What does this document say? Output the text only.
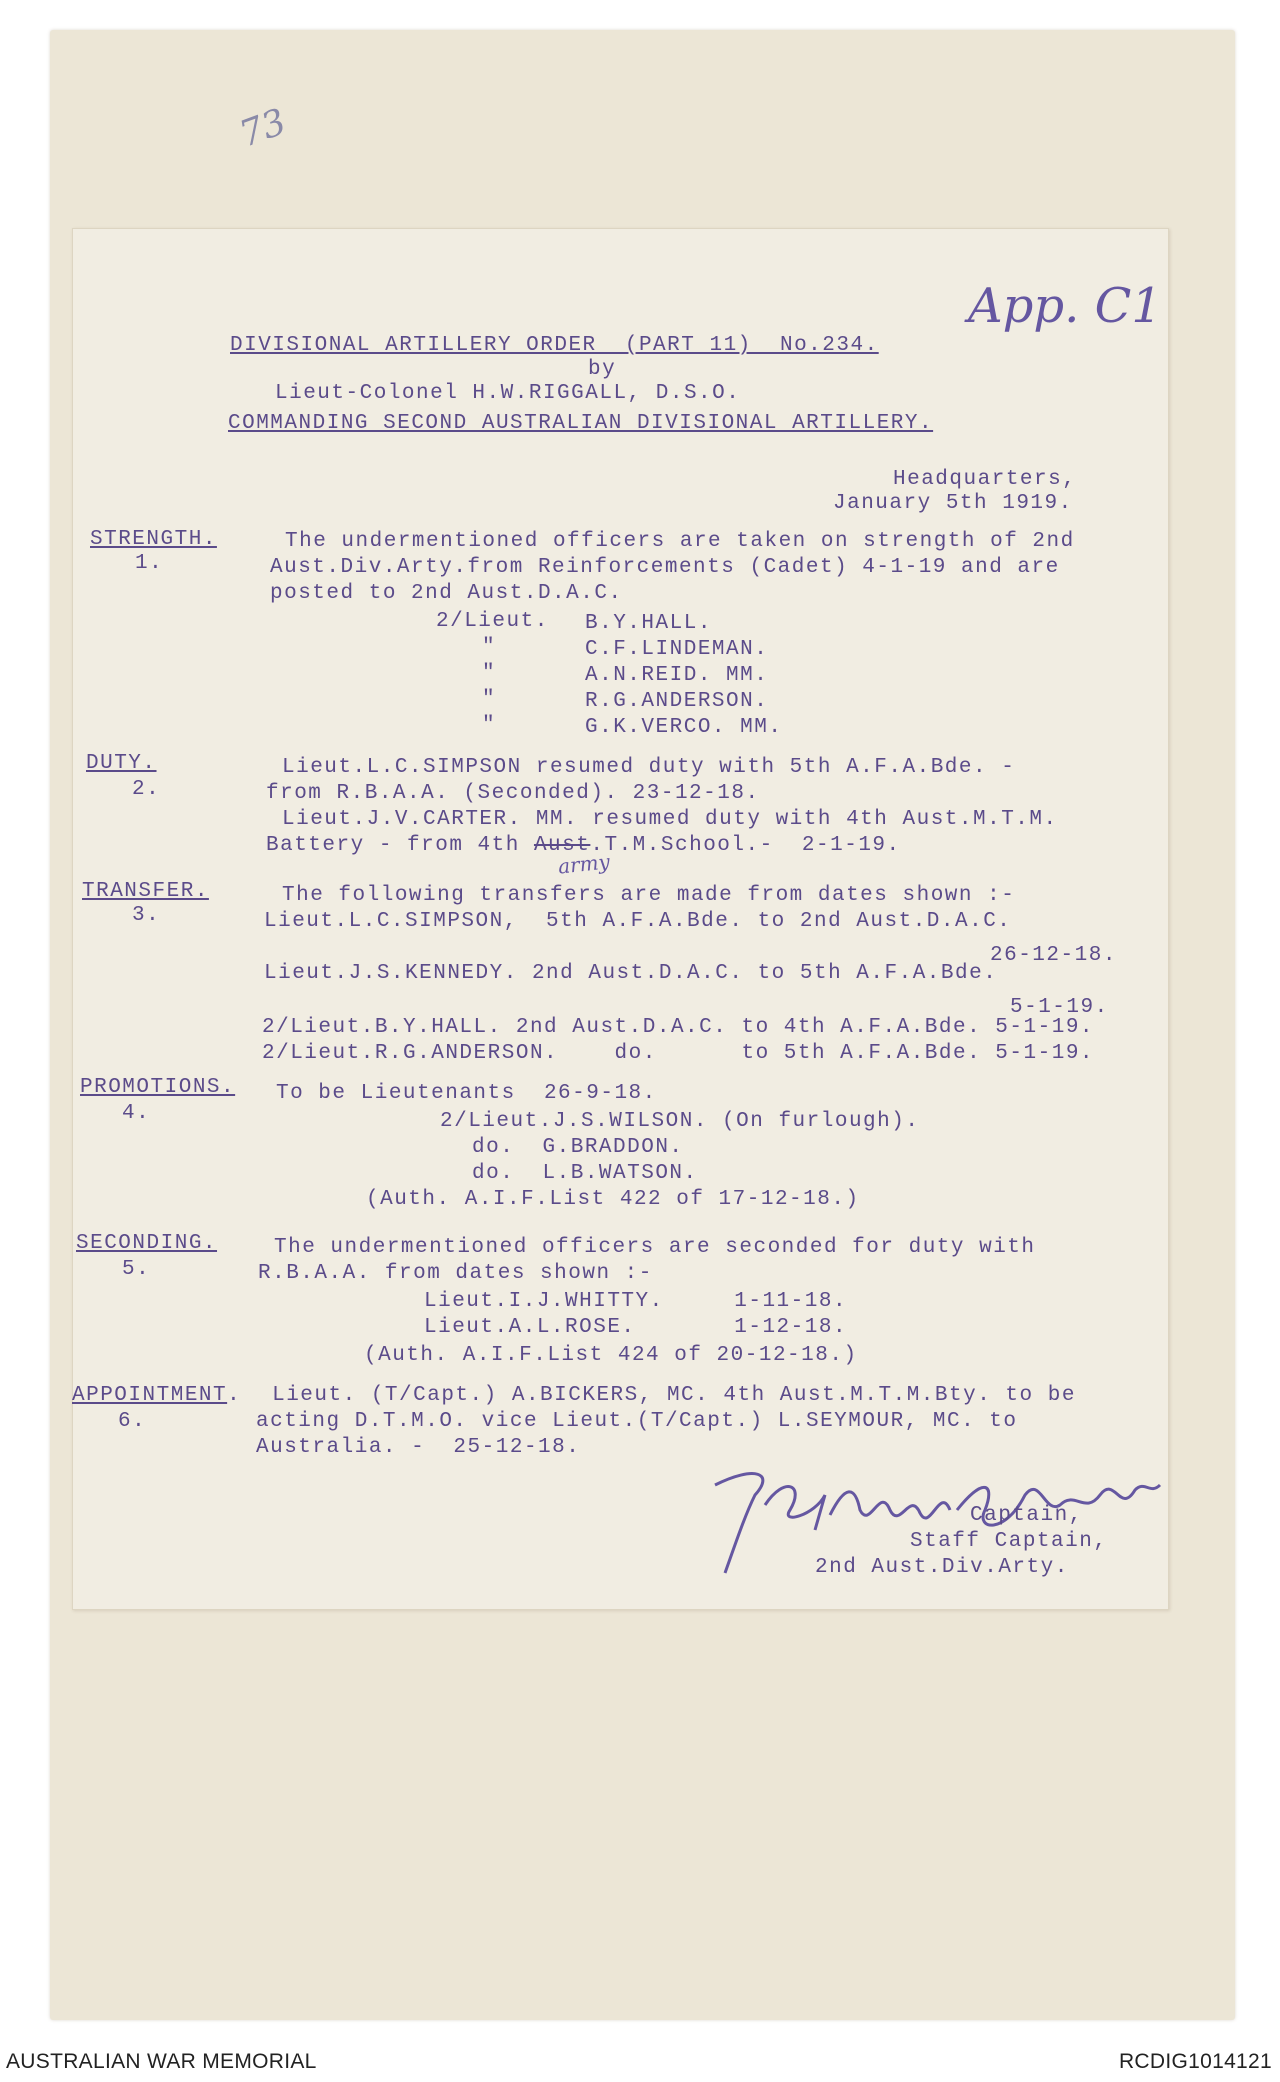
73
App. C1
DIVISIONAL ARTILLERY ORDER  (PART 11)  No.234.
by
Lieut-Colonel H.W.RIGGALL, D.S.O.
COMMANDING SECOND AUSTRALIAN DIVISIONAL ARTILLERY.
Headquarters,
January 5th 1919.
STRENGTH.
1.
The undermentioned officers are taken on strength of 2nd
Aust.Div.Arty.from Reinforcements (Cadet) 4-1-19 and are
posted to 2nd Aust.D.A.C.
2/Lieut. B.Y.HALL.
"	C.F.LINDEMAN.
"	A.N.REID. MM.
"	R.G.ANDERSON.
"	G.K.VERCO. MM.
DUTY.
2.
Lieut.L.C.SIMPSON resumed duty with 5th A.F.A.Bde. -
from R.B.A.A. (Seconded). 23-12-18.
Lieut.J.V.CARTER. MM. resumed duty with 4th Aust.M.T.M.
Battery - from 4th Aust.T.M.School.-  2-1-19.
army
TRANSFER.
3.
The following transfers are made from dates shown :-
Lieut.L.C.SIMPSON,  5th A.F.A.Bde. to 2nd Aust.D.A.C.
26-12-18.
Lieut.J.S.KENNEDY. 2nd Aust.D.A.C. to 5th A.F.A.Bde.
5-1-19.
2/Lieut.B.Y.HALL. 2nd Aust.D.A.C. to 4th A.F.A.Bde. 5-1-19.
2/Lieut.R.G.ANDERSON.    do.      to 5th A.F.A.Bde. 5-1-19.
PROMOTIONS.
4.
To be Lieutenants  26-9-18.
2/Lieut.J.S.WILSON. (On furlough).
do.  G.BRADDON.
do.  L.B.WATSON.
(Auth. A.I.F.List 422 of 17-12-18.)
SECONDING.
5.
The undermentioned officers are seconded for duty with
R.B.A.A. from dates shown :-
Lieut.I.J.WHITTY.     1-11-18.
Lieut.A.L.ROSE.       1-12-18.
(Auth. A.I.F.List 424 of 20-12-18.)
APPOINTMENT.
6.
Lieut. (T/Capt.) A.BICKERS, MC. 4th Aust.M.T.M.Bty. to be
acting D.T.M.O. vice Lieut.(T/Capt.) L.SEYMOUR, MC. to
Australia. -  25-12-18.
Captain,
Staff Captain,
2nd Aust.Div.Arty.
AUSTRALIAN WAR MEMORIAL	RCDIG1014121
